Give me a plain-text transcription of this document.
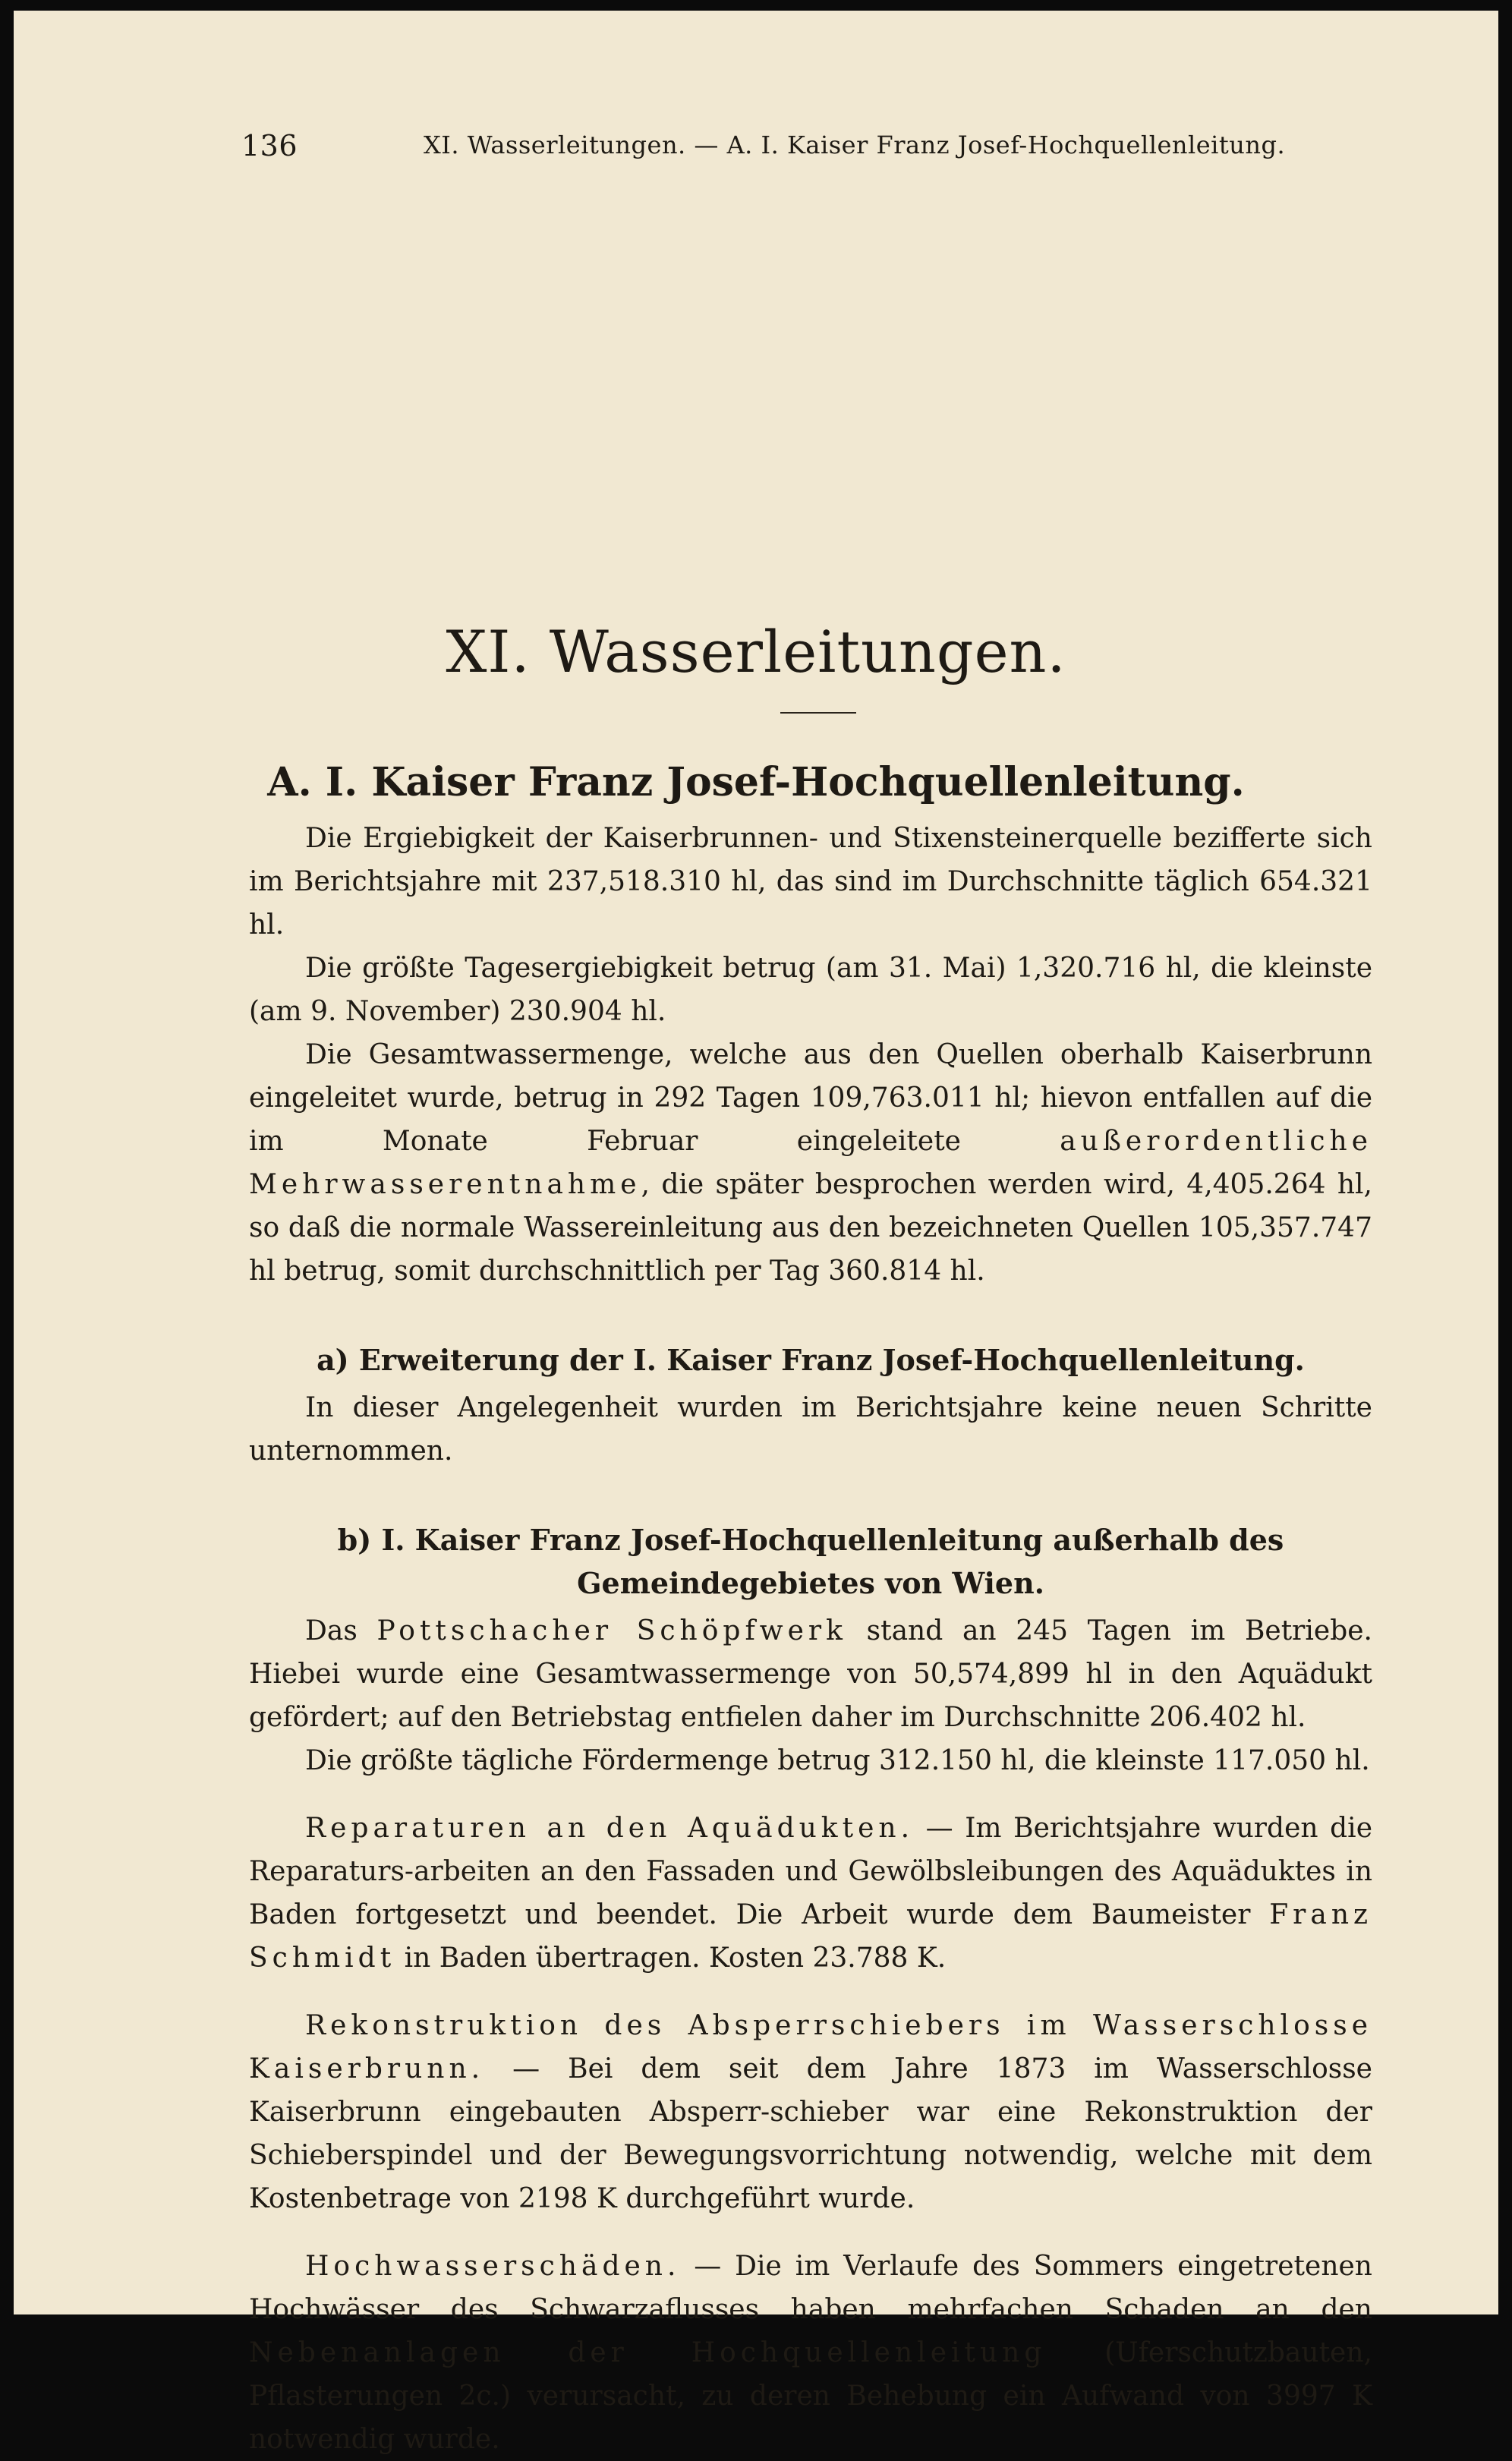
136	XI. Wasserleitungen. — A. I. Kaiser Franz Josef-Hochquellenleitung.
XI. Wasserleitungen.
A. I. Kaiser Franz Josef-Hochquellenleitung.

Die Ergiebigkeit der Kaiserbrunnen- und Stixensteinerquelle bezifferte sich im Berichtsjahre mit 237,518.310 hl, das sind im Durchschnitte täglich 654.321 hl.

Die größte Tagesergiebigkeit betrug (am 31. Mai) 1,320.716 hl, die kleinste (am 9. November) 230.904 hl.

Die Gesamtwassermenge, welche aus den Quellen oberhalb Kaiserbrunn eingeleitet wurde, betrug in 292 Tagen 109,763.011 hl; hievon entfallen auf die im Monate Februar eingeleitete	außerordentliche Mehrwasserentnahme, die später besprochen werden wird, 4,405.264 hl, so daß die normale Wassereinleitung aus den bezeichneten Quellen 105,357.747 hl betrug, somit durchschnittlich per Tag 360.814 hl.

a) Erweiterung der I. Kaiser Franz Josef-Hochquellenleitung.

In dieser Angelegenheit wurden im Berichtsjahre keine neuen Schritte unternommen.

b) I. Kaiser Franz Josef-Hochquellenleitung außerhalb des Gemeindegebietes von Wien.

Das Pottschacher Schöpfwerk stand an 245 Tagen im Betriebe. Hiebei wurde eine Gesamtwassermenge von 50,574,899 hl in den Aquädukt gefördert; auf den Betriebstag entfielen daher im Durchschnitte 206.402 hl.

Die größte tägliche Fördermenge betrug 312.150 hl, die kleinste 117.050 hl.

Reparaturen an den Aquädukten. — Im Berichtsjahre wurden die Reparaturs-arbeiten an den Fassaden und Gewölbsleibungen des Aquäduktes in Baden fortgesetzt und beendet. Die Arbeit wurde dem Baumeister Franz Schmidt in Baden übertragen. Kosten 23.788 K.

Rekonstruktion des Absperrschiebers im Wasserschlosse Kaiserbrunn. — Bei dem seit dem Jahre 1873 im Wasserschlosse Kaiserbrunn eingebauten Absperr-schieber war eine Rekonstruktion der Schieberspindel und der Bewegungsvorrichtung notwendig, welche mit dem Kostenbetrage von 2198 K durchgeführt wurde.

Hochwasserschäden. — Die im Verlaufe des Sommers eingetretenen Hochwässer des Schwarzaflusses haben mehrfachen Schaden an den Nebenanlagen der Hochquellenleitung (Uferschutzbauten, Pflasterungen 2c.) verursacht, zu deren Behebung ein Aufwand von 3997 K notwendig wurde.
